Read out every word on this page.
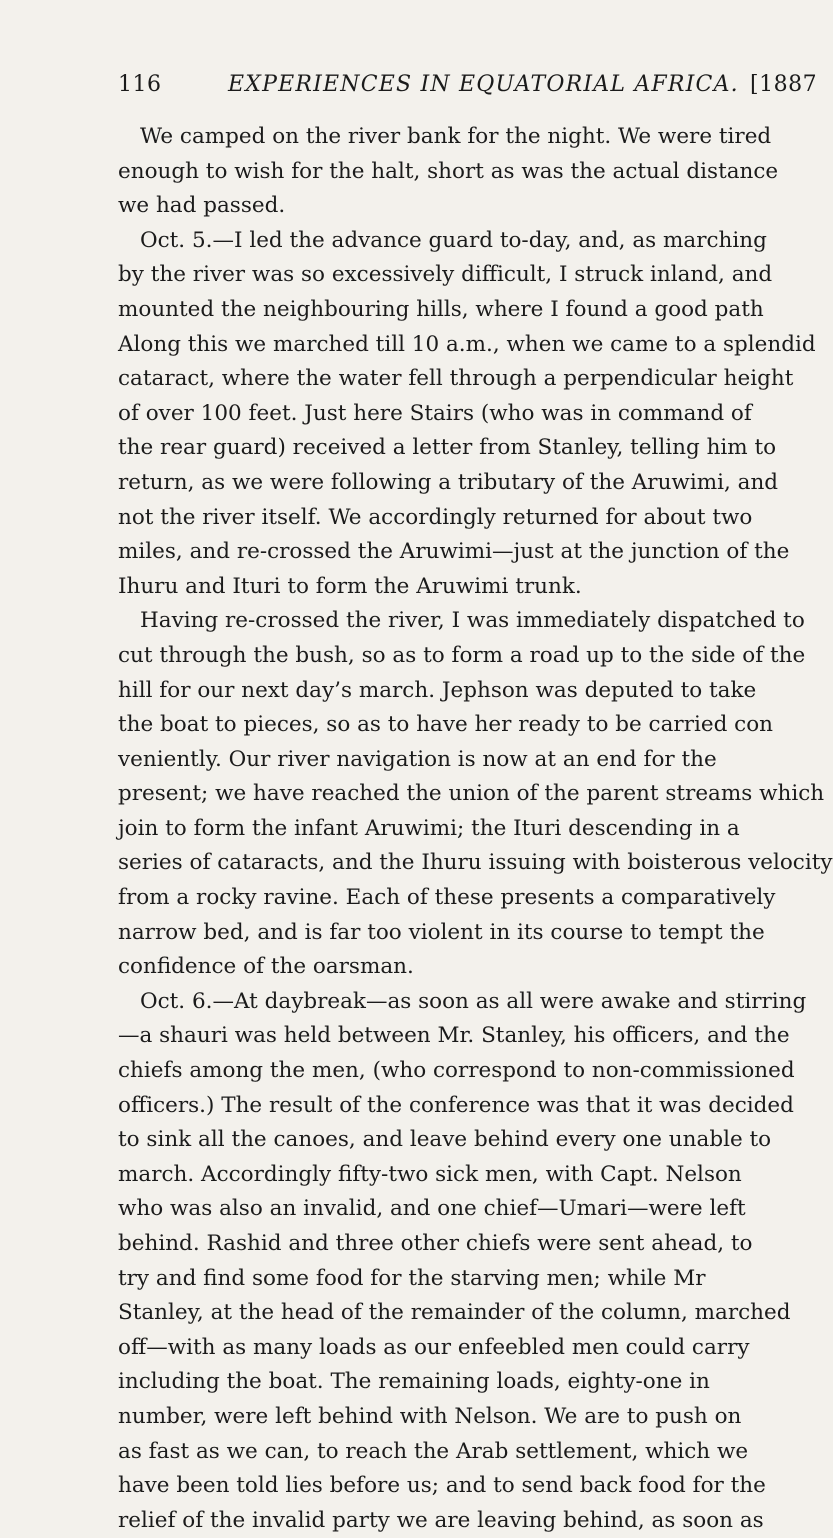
116	EXPERIENCES IN EQUATORIAL AFRICA. [1887
We camped on the river bank for the night. We were tired
enough to wish for the halt, short as was the actual distance
we had passed.
Oct. 5.—I led the advance guard to-day, and, as marching
by the river was so excessively difficult, I struck inland, and
mounted the neighbouring hills, where I found a good path
Along this we marched till 10 a.m., when we came to a splendid
cataract, where the water fell through a perpendicular height
of over 100 feet. Just here Stairs (who was in command of
the rear guard) received a letter from Stanley, telling him to
return, as we were following a tributary of the Aruwimi, and
not the river itself. We accordingly returned for about two
miles, and re-crossed the Aruwimi—just at the junction of the
Ihuru and Ituri to form the Aruwimi trunk.
Having re-crossed the river, I was immediately dispatched to
cut through the bush, so as to form a road up to the side of the
hill for our next day’s march. Jephson was deputed to take
the boat to pieces, so as to have her ready to be carried con
veniently. Our river navigation is now at an end for the
present; we have reached the union of the parent streams which
join to form the infant Aruwimi; the Ituri descending in a
series of cataracts, and the Ihuru issuing with boisterous velocity
from a rocky ravine. Each of these presents a comparatively
narrow bed, and is far too violent in its course to tempt the
confidence of the oarsman.
Oct. 6.—At daybreak—as soon as all were awake and stirring
—a shauri was held between Mr. Stanley, his officers, and the
chiefs among the men, (who correspond to non-commissioned
officers.) The result of the conference was that it was decided
to sink all the canoes, and leave behind every one unable to
march. Accordingly fifty-two sick men, with Capt. Nelson
who was also an invalid, and one chief—Umari—were left
behind. Rashid and three other chiefs were sent ahead, to
try and find some food for the starving men; while Mr
Stanley, at the head of the remainder of the column, marched
off—with as many loads as our enfeebled men could carry
including the boat. The remaining loads, eighty-one in
number, were left behind with Nelson. We are to push on
as fast as we can, to reach the Arab settlement, which we
have been told lies before us; and to send back food for the
relief of the invalid party we are leaving behind, as soon as
